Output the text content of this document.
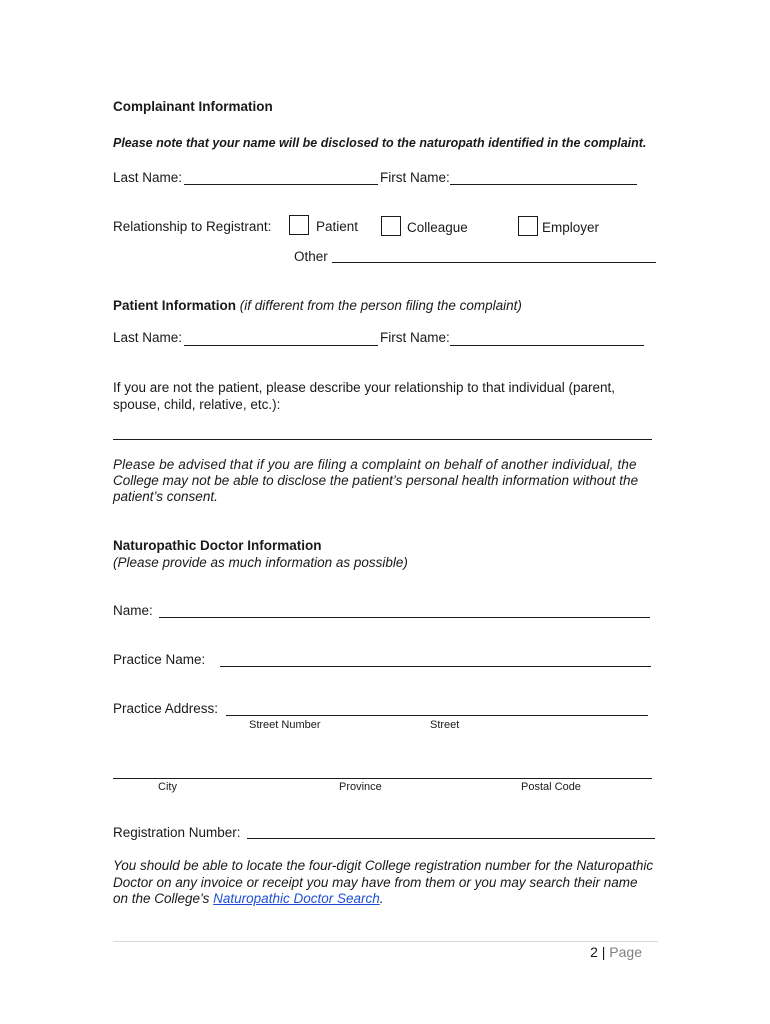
Complainant Information
Please note that your name will be disclosed to the naturopath identified in the complaint.
Last Name:	First Name:
Relationship to Registrant:	Patient	Colleague	Employer
Other
Patient Information (if different from the person filing the complaint)
Last Name:	First Name:
If you are not the patient, please describe your relationship to that individual (parent,
spouse, child, relative, etc.):
Please be advised that if you are filing a complaint on behalf of another individual, the
College may not be able to disclose the patient’s personal health information without the
patient’s consent.
Naturopathic Doctor Information
(Please provide as much information as possible)
Name:
Practice Name:
Practice Address:
Street Number	Street
City	Province	Postal Code
Registration Number:
You should be able to locate the four-digit College registration number for the Naturopathic
Doctor on any invoice or receipt you may have from them or you may search their name
on the College's Naturopathic Doctor Search.
2 | Page
